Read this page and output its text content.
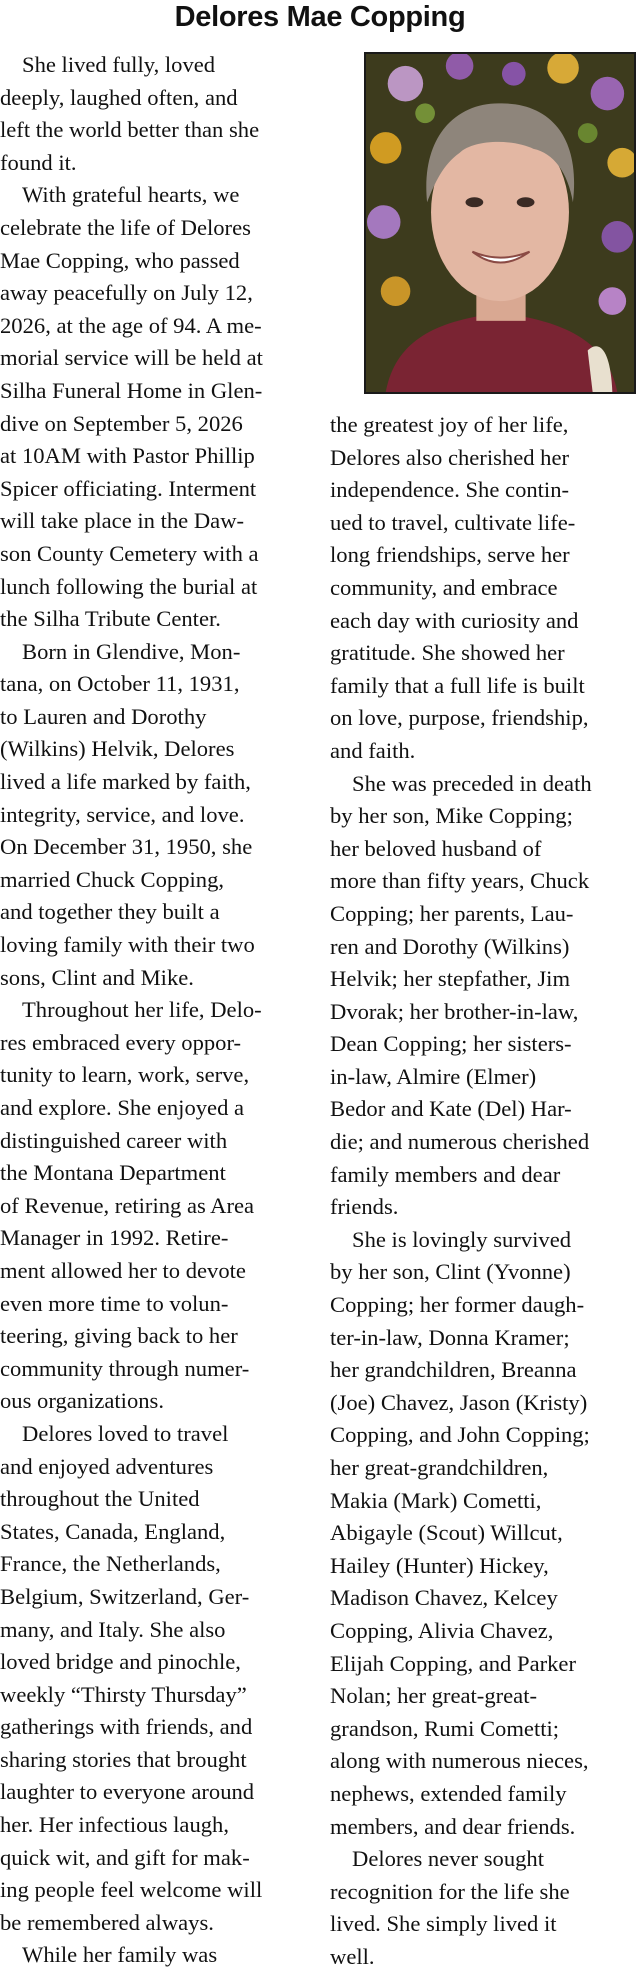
Delores Mae Copping

She lived fully, loved
deeply, laughed often, and
left the world better than she
found it.

With grateful hearts, we
celebrate the life of Delores
Mae Copping, who passed
away peacefully on July 12,
2026, at the age of 94. A me-
morial service will be held at
Silha Funeral Home in Glen-
dive on September 5, 2026
at 10AM with Pastor Phillip
Spicer officiating. Interment
will take place in the Daw-
son County Cemetery with a
lunch following the burial at
the Silha Tribute Center.

Born in Glendive, Mon-
tana, on October 11, 1931,
to Lauren and Dorothy
(Wilkins) Helvik, Delores
lived a life marked by faith,
integrity, service, and love.
On December 31, 1950, she
married Chuck Copping,
and together they built a
loving family with their two
sons, Clint and Mike.

Throughout her life, Delo-
res embraced every oppor-
tunity to learn, work, serve,
and explore. She enjoyed a
distinguished career with
the Montana Department
of Revenue, retiring as Area
Manager in 1992. Retire-
ment allowed her to devote
even more time to volun-
teering, giving back to her
community through numer-
ous organizations.

Delores loved to travel
and enjoyed adventures
throughout the United
States, Canada, England,
France, the Netherlands,
Belgium, Switzerland, Ger-
many, and Italy. She also
loved bridge and pinochle,
weekly “Thirsty Thursday”
gatherings with friends, and
sharing stories that brought
laughter to everyone around
her. Her infectious laugh,
quick wit, and gift for mak-
ing people feel welcome will
be remembered always.

While her family was

the greatest joy of her life,
Delores also cherished her
independence. She contin-
ued to travel, cultivate life-
long friendships, serve her
community, and embrace
each day with curiosity and
gratitude. She showed her
family that a full life is built
on love, purpose, friendship,
and faith.

She was preceded in death
by her son, Mike Copping;
her beloved husband of
more than fifty years, Chuck
Copping; her parents, Lau-
ren and Dorothy (Wilkins)
Helvik; her stepfather, Jim
Dvorak; her brother-in-law,
Dean Copping; her sisters-
in-law, Almire (Elmer)
Bedor and Kate (Del) Har-
die; and numerous cherished
family members and dear
friends.

She is lovingly survived
by her son, Clint (Yvonne)
Copping; her former daugh-
ter-in-law, Donna Kramer;
her grandchildren, Breanna
(Joe) Chavez, Jason (Kristy)
Copping, and John Copping;
her great-grandchildren,
Makia (Mark) Cometti,
Abigayle (Scout) Willcut,
Hailey (Hunter) Hickey,
Madison Chavez, Kelcey
Copping, Alivia Chavez,
Elijah Copping, and Parker
Nolan; her great-great-
grandson, Rumi Cometti;
along with numerous nieces,
nephews, extended family
members, and dear friends.

Delores never sought
recognition for the life she
lived. She simply lived it
well.
